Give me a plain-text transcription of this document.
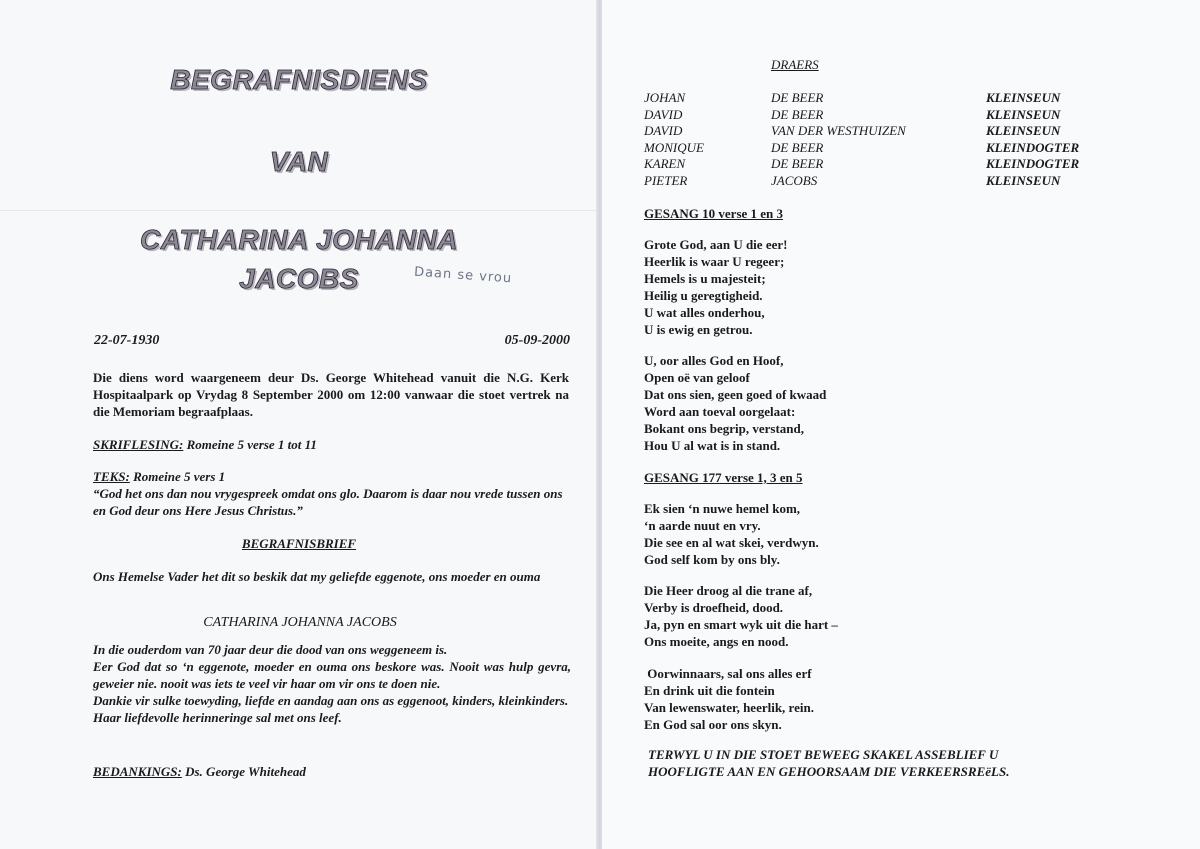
BEGRAFNISDIENS
VAN
CATHARINA JOHANNA
JACOBS	Daan se vrou
22-07-1930	05-09-2000
Die diens word waargeneem deur Ds. George Whitehead vanuit die N.G. Kerk Hospitaalpark op Vrydag 8 September 2000 om 12:00 vanwaar die stoet vertrek na die Memoriam begraafplaas.
SKRIFLESING: Romeine 5 verse 1 tot 11
TEKS: Romeine 5 vers 1
“God het ons dan nou vrygespreek omdat ons glo. Daarom is daar nou vrede tussen ons en God deur ons Here Jesus Christus.”
BEGRAFNISBRIEF
Ons Hemelse Vader het dit so beskik dat my geliefde eggenote, ons moeder en ouma
CATHARINA JOHANNA JACOBS

In die ouderdom van 70 jaar deur die dood van ons weggeneem is.

Eer God dat so ‘n eggenote, moeder en ouma ons beskore was. Nooit was hulp gevra, geweier nie. nooit was iets te veel vir haar om vir ons te doen nie.

Dankie vir sulke toewyding, liefde en aandag aan ons as eggenoot, kinders, kleinkinders.

Haar liefdevolle herinneringe sal met ons leef.

BEDANKINGS: Ds. George Whitehead
DRAERS
JOHAN	DE BEER	KLEINSEUN
DAVID	DE BEER	KLEINSEUN
DAVID	VAN DER WESTHUIZEN	KLEINSEUN
MONIQUE	DE BEER	KLEINDOGTER
KAREN	DE BEER	KLEINDOGTER
PIETER	JACOBS	KLEINSEUN
GESANG 10 verse 1 en 3

Grote God, aan U die eer!

Heerlik is waar U regeer;

Hemels is u majesteit;

Heilig u geregtigheid.

U wat alles onderhou,

U is ewig en getrou.

U, oor alles God en Hoof,

Open oë van geloof

Dat ons sien, geen goed of kwaad

Word aan toeval oorgelaat:

Bokant ons begrip, verstand,

Hou U al wat is in stand.

GESANG 177 verse 1, 3 en 5

Ek sien ‘n nuwe hemel kom,

‘n aarde nuut en vry.

Die see en al wat skei, verdwyn.

God self kom by ons bly.

Die Heer droog al die trane af,

Verby is droefheid, dood.

Ja, pyn en smart wyk uit die hart –

Ons moeite, angs en nood.

Oorwinnaars, sal ons alles erf

En drink uit die fontein

Van lewenswater, heerlik, rein.

En God sal oor ons skyn.

TERWYL U IN DIE STOET BEWEEG SKAKEL ASSEBLIEF U
HOOFLIGTE AAN EN GEHOORSAAM DIE VERKEERSREëLS.
